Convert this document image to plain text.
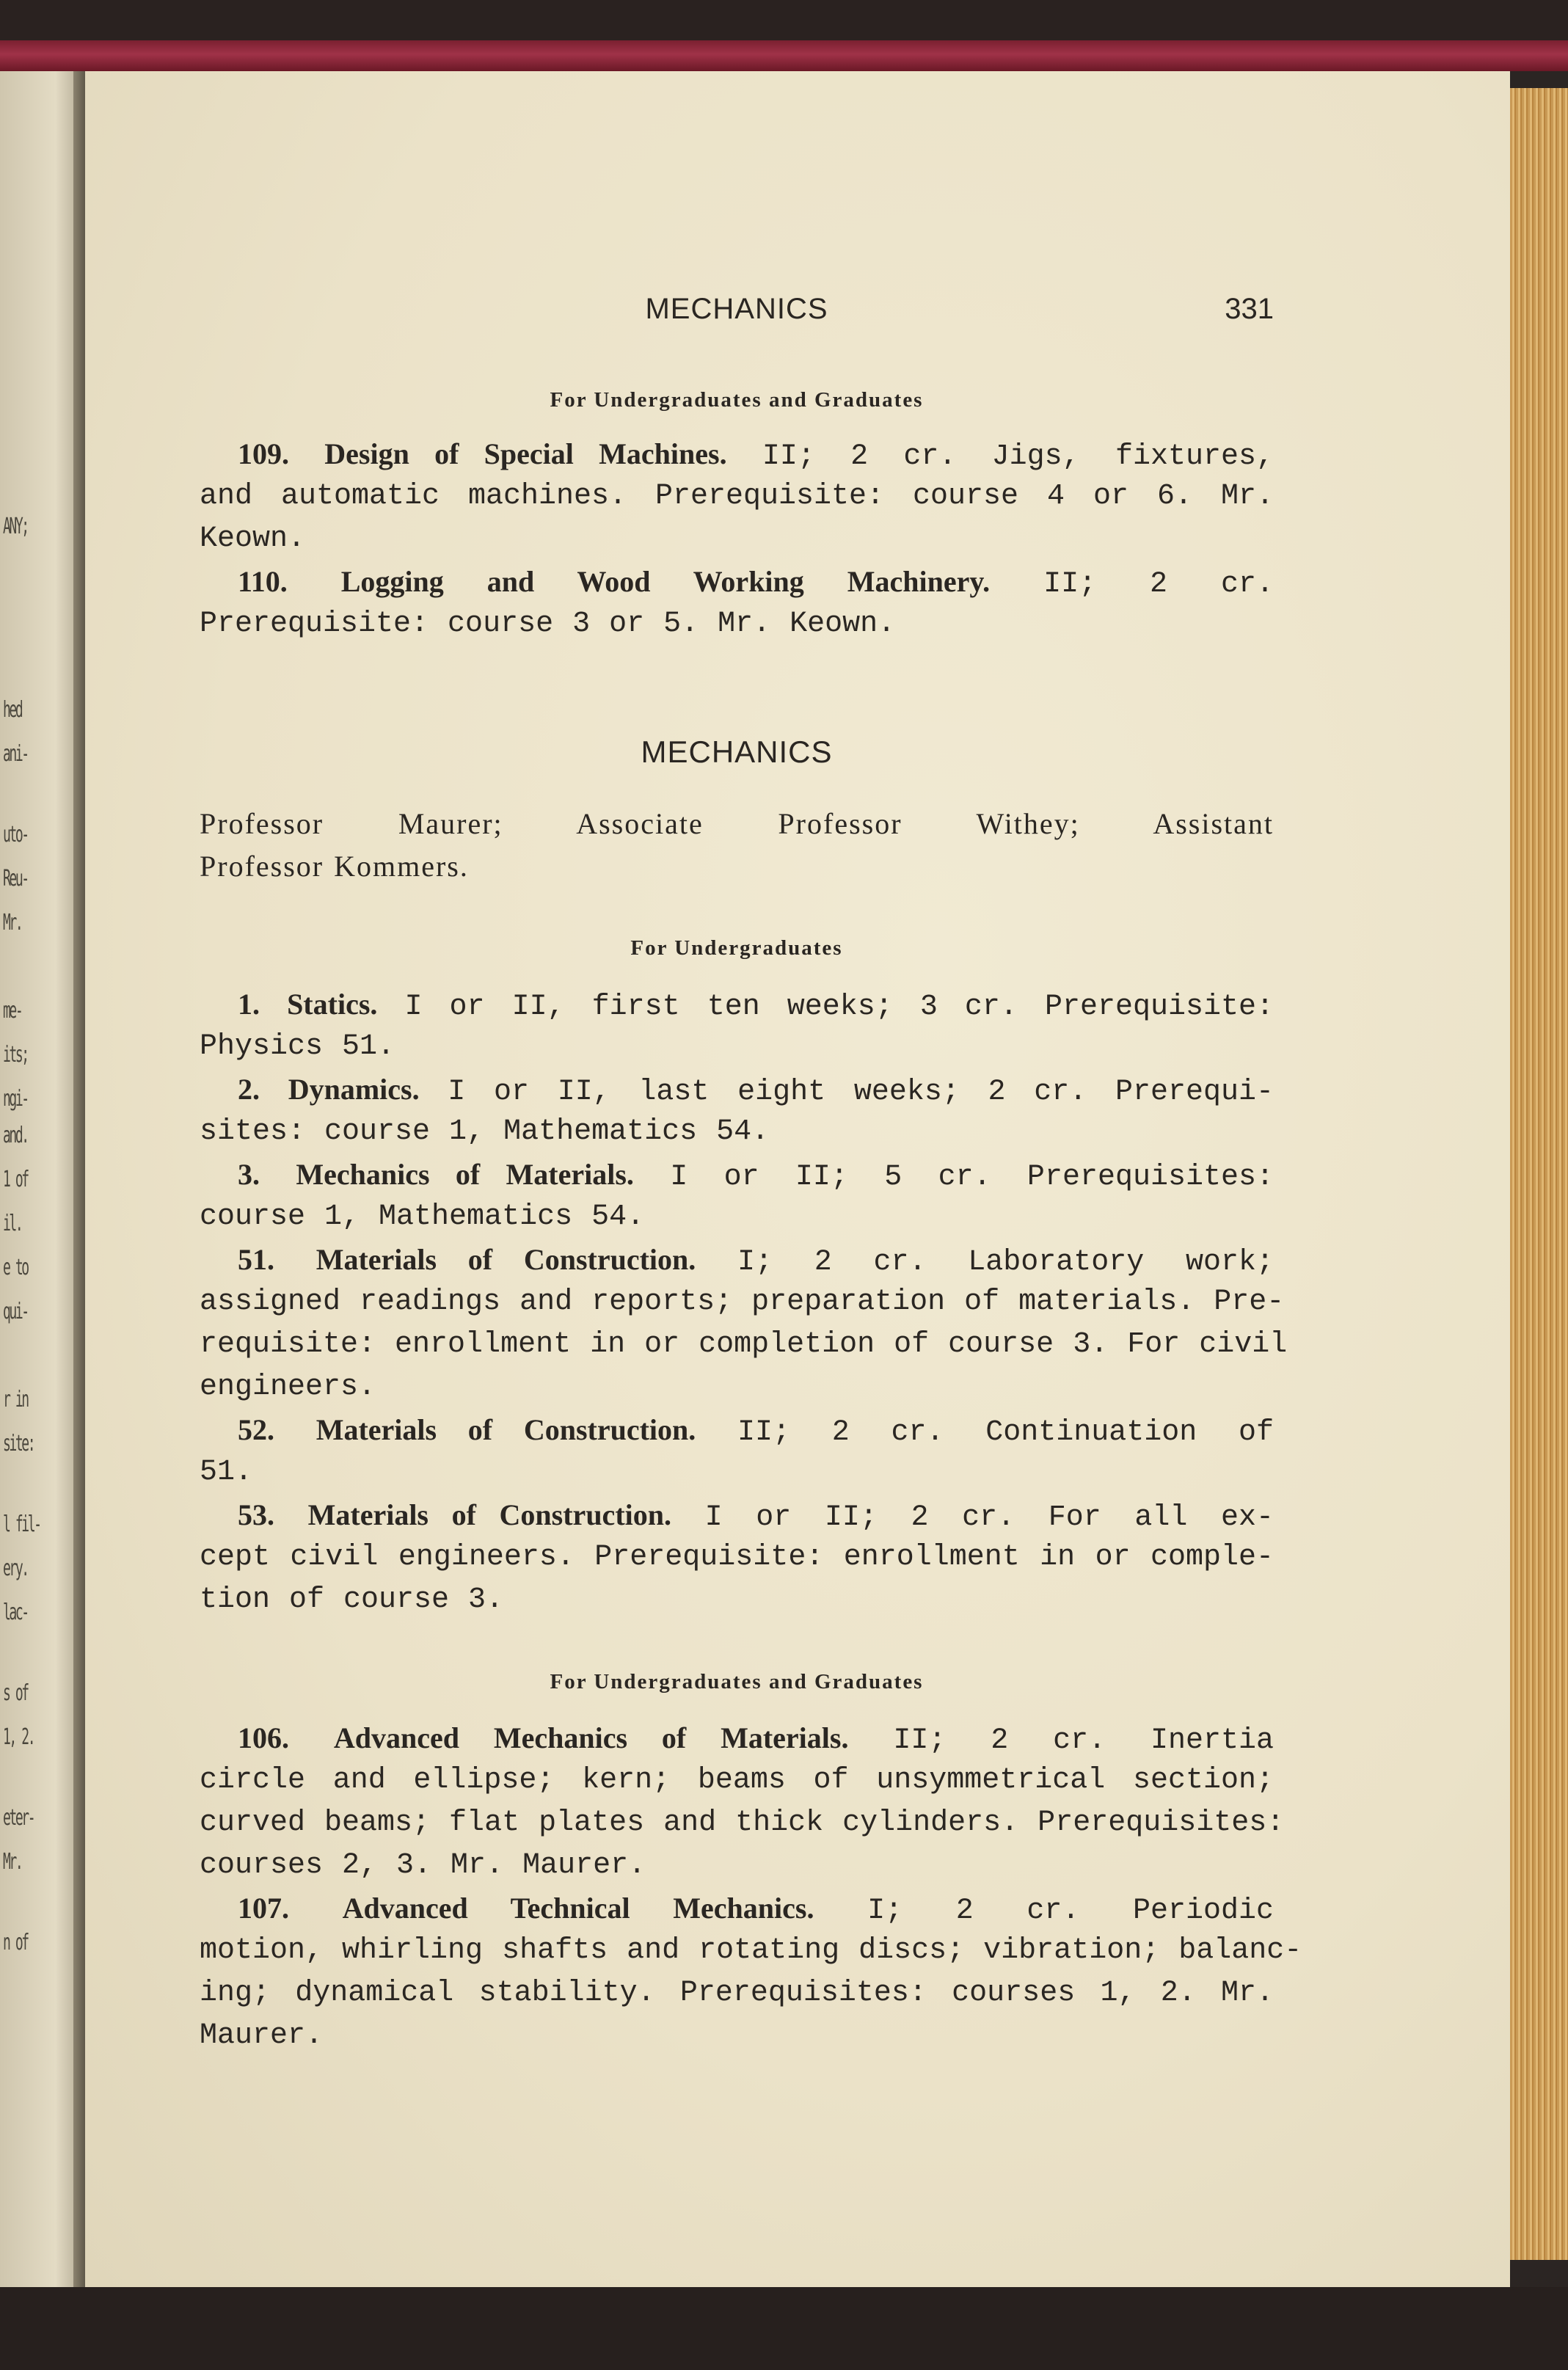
ANY;
hed
ani-
uto-
Reu-
Mr.
me-
its;
ngi-
and.
1 of
il.
e to
qui-
r in
site:
l fil-
ery.
lac-
s of
1, 2.
eter-
Mr.
n of
MECHANICS	331
For Undergraduates and Graduates
109. Design of Special Machines. II; 2 cr. Jigs, fixtures,
and automatic machines. Prerequisite: course 4 or 6. Mr.
Keown.
110. Logging and Wood Working Machinery. II; 2 cr.
Prerequisite: course 3 or 5. Mr. Keown.
MECHANICS
Professor Maurer; Associate Professor Withey; Assistant
Professor Kommers.
For Undergraduates
1. Statics. I or II, first ten weeks; 3 cr. Prerequisite:
Physics 51.
2. Dynamics. I or II, last eight weeks; 2 cr. Prerequi-
sites: course 1, Mathematics 54.
3. Mechanics of Materials. I or II; 5 cr. Prerequisites:
course 1, Mathematics 54.
51. Materials of Construction. I; 2 cr. Laboratory work;
assigned readings and reports; preparation of materials. Pre-
requisite: enrollment in or completion of course 3. For civil
engineers.
52. Materials of Construction. II; 2 cr. Continuation of
51.
53. Materials of Construction. I or II; 2 cr. For all ex-
cept civil engineers. Prerequisite: enrollment in or comple-
tion of course 3.
For Undergraduates and Graduates
106. Advanced Mechanics of Materials. II; 2 cr. Inertia
circle and ellipse; kern; beams of unsymmetrical section;
curved beams; flat plates and thick cylinders. Prerequisites:
courses 2, 3. Mr. Maurer.
107. Advanced Technical Mechanics. I; 2 cr. Periodic
motion, whirling shafts and rotating discs; vibration; balanc-
ing; dynamical stability. Prerequisites: courses 1, 2. Mr.
Maurer.
